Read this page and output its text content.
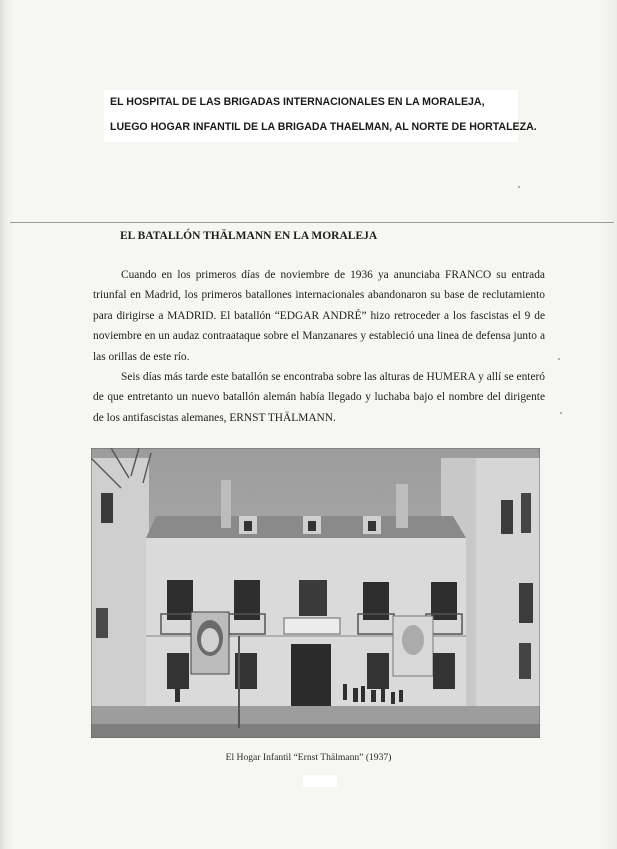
EL HOSPITAL DE LAS BRIGADAS INTERNACIONALES EN LA MORALEJA,
LUEGO HOGAR INFANTIL DE LA BRIGADA THAELMAN, AL NORTE DE HORTALEZA.
EL BATALLÓN THÄLMANN EN LA MORALEJA

Cuando en los primeros días de noviembre de 1936 ya anunciaba FRANCO su entrada triunfal en Madrid, los primeros batallones internacionales abandonaron su base de reclutamiento para dirigirse a MADRID. El batallón “EDGAR ANDRÉ” hizo retroceder a los fascistas el 9 de noviembre en un audaz contraataque sobre el Manzanares y estableció una linea de defensa junto a las orillas de este río.

Seis días más tarde este batallón se encontraba sobre las alturas de HUMERA y allí se enteró de que entretanto un nuevo batallón alemán había llegado y luchaba bajo el nombre del dirigente de los antifascistas alemanes, ERNST THÄLMANN.

El Hogar Infantil “Ernst Thälmann” (1937)
